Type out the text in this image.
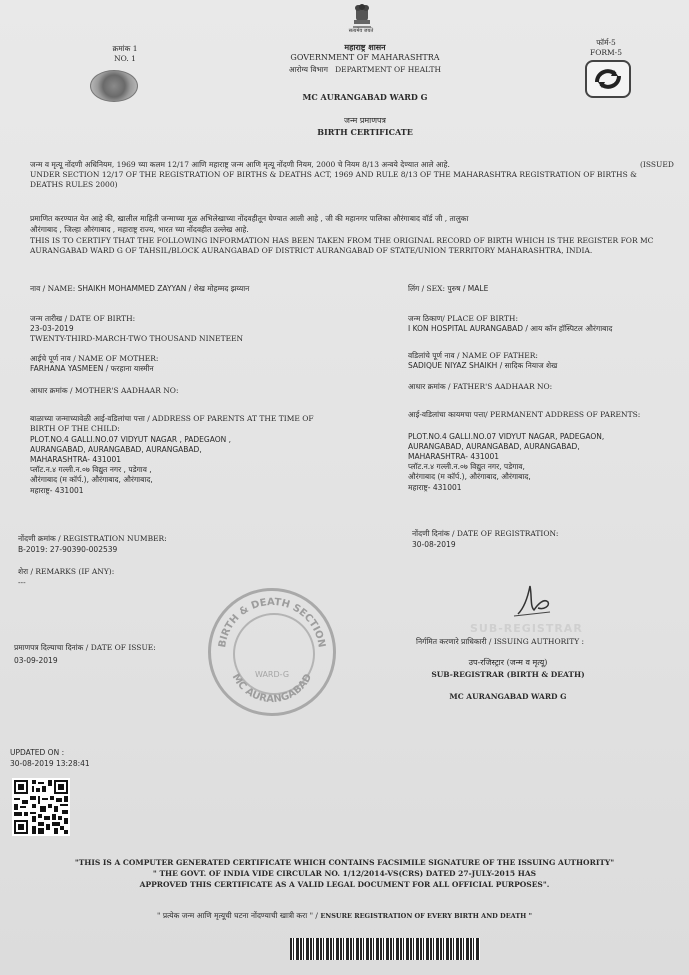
सत्यमेव जयते
क्रमांक 1
NO. 1
महाराष्ट्र शासन
GOVERNMENT OF MAHARASHTRA
आरोग्य विभाग DEPARTMENT OF HEALTH
फॉर्म-5
FORM-5
MC AURANGABAD WARD G
जन्म प्रमाणपत्र
BIRTH CERTIFICATE
जन्म व मृत्यू नोंदणी अधिनियम, 1969 च्या कलम 12/17 आणि महाराष्ट्र जन्म आणि मृत्यू नोंदणी नियम, 2000 चे नियम 8/13 अन्वये देण्यात आले आहे.	(ISSUED
UNDER SECTION 12/17 OF THE REGISTRATION OF BIRTHS & DEATHS ACT, 1969 AND RULE 8/13 OF THE MAHARASHTRA REGISTRATION OF BIRTHS &
DEATHS RULES 2000)
प्रमाणित करण्यात येत आहे की, खालील माहिती जन्माच्या मूळ अभिलेखाच्या नोंदवहीतून घेण्यात आली आहे , जी की महानगर पालिका औरंगाबाद वॉर्ड जी , तालुका
औरंगाबाद , जिल्हा औरंगाबाद , महाराष्ट्र राज्य, भारत च्या नोंदवहीत उल्लेख आहे.
THIS IS TO CERTIFY THAT THE FOLLOWING INFORMATION HAS BEEN TAKEN FROM THE ORIGINAL RECORD OF BIRTH WHICH IS THE REGISTER FOR MC
AURANGABAD WARD G OF TAHSIL/BLOCK AURANGABAD OF DISTRICT AURANGABAD OF STATE/UNION TERRITORY MAHARASHTRA, INDIA.
नाव / NAME: SHAIKH MOHAMMED ZAYYAN / शेख मोहम्मद झय्यान	लिंग / SEX: पुरुष / MALE
जन्म तारीख / DATE OF BIRTH:
23-03-2019
TWENTY-THIRD-MARCH-TWO THOUSAND NINETEEN
जन्म ठिकाण/ PLACE OF BIRTH:
I KON HOSPITAL AURANGABAD / आय कॉन हॉस्पिटल औरंगाबाद
आईचे पूर्ण नाव / NAME OF MOTHER:
FARHANA YASMEEN / फरहाना यास्मीन
वडिलांचे पूर्ण नाव / NAME OF FATHER:
SADIQUE NIYAZ SHAIKH / सादिक नियाज शेख
आधार क्रमांक / MOTHER'S AADHAAR NO:	आधार क्रमांक / FATHER'S AADHAAR NO:
बाळाच्या जन्माच्यावेळी आई-वडिलांचा पत्ता / ADDRESS OF PARENTS AT THE TIME OF
BIRTH OF THE CHILD:
PLOT.NO.4 GALLI.NO.07 VIDYUT NAGAR , PADEGAON ,
AURANGABAD, AURANGABAD, AURANGABAD,
MAHARASHTRA- 431001
प्लॉट.न.४ गल्ली.न.०७ विद्युत नगर , पडेगाव ,
औरंगाबाद (म कॉर्प.), औरंगाबाद, औरंगाबाद,
महाराष्ट्र- 431001
आई-वडिलांचा कायमचा पत्ता/ PERMANENT ADDRESS OF PARENTS:
PLOT.NO.4 GALLI.NO.07 VIDYUT NAGAR, PADEGAON,
AURANGABAD, AURANGABAD, AURANGABAD,
MAHARASHTRA- 431001
प्लॉट.न.४ गल्ली.न.०७ विद्युत नगर, पडेगाव,
औरंगाबाद (म कॉर्प.), औरंगाबाद, औरंगाबाद,
महाराष्ट्र- 431001
नोंदणी क्रमांक / REGISTRATION NUMBER:
B-2019: 27-90390-002539
नोंदणी दिनांक / DATE OF REGISTRATION:
30-08-2019
शेरा / REMARKS (IF ANY):
---
BIRTH & DEATH SECTION
MC AURANGABAD
WARD-G
प्रमाणपत्र दिल्याचा दिनांक / DATE OF ISSUE:
03-09-2019
SUB-REGISTRAR
निर्गमित करणारे प्राधिकारी / ISSUING AUTHORITY :
उप-रजिस्ट्रार (जन्म व मृत्यू)
SUB-REGISTRAR (BIRTH & DEATH)
MC AURANGABAD WARD G
UPDATED ON :
30-08-2019 13:28:41
"THIS IS A COMPUTER GENERATED CERTIFICATE WHICH CONTAINS FACSIMILE SIGNATURE OF THE ISSUING AUTHORITY"
" THE GOVT. OF INDIA VIDE CIRCULAR NO. 1/12/2014-VS(CRS) DATED 27-JULY-2015 HAS
APPROVED THIS CERTIFICATE AS A VALID LEGAL DOCUMENT FOR ALL OFFICIAL PURPOSES".
" प्रत्येक जन्म आणि मृत्यूची घटना नोंदण्याची खात्री करा " / ENSURE REGISTRATION OF EVERY BIRTH AND DEATH "
